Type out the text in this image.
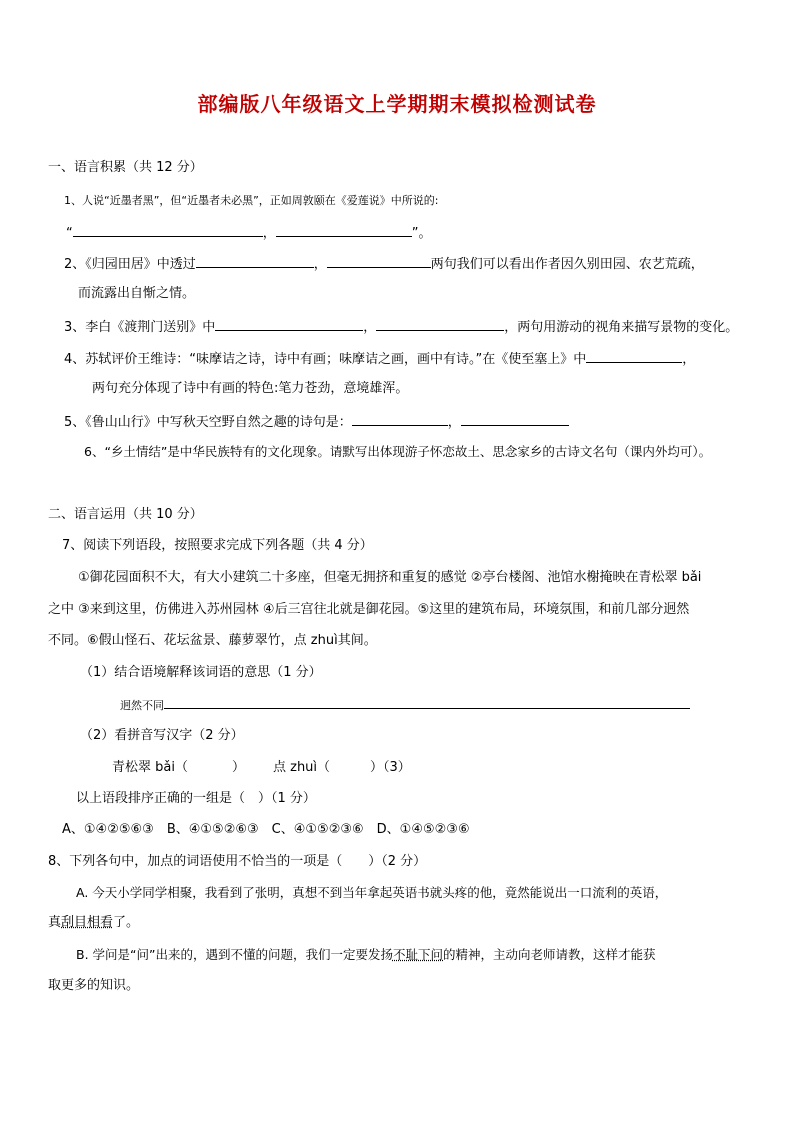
部编版八年级语文上学期期末模拟检测试卷
一、语言积累（共 12 分）
1、人说“近墨者黑”，但“近墨者未必黑”，正如周敦颐在《爱莲说》中所说的:
“	，	”。
2、《归园田居》中透过	，	两句我们可以看出作者因久别田园、农艺荒疏，
而流露出自惭之情。
3、李白《渡荆门送别》中	，	，两句用游动的视角来描写景物的变化。
4、苏轼评价王维诗：“味摩诘之诗，诗中有画；味摩诘之画，画中有诗。”在《使至塞上》中	，
两句充分体现了诗中有画的特色:笔力苍劲，意境雄浑。
5、《鲁山山行》中写秋天空野自然之趣的诗句是：	，
6、“乡土情结”是中华民族特有的文化现象。请默写出体现游子怀恋故土、思念家乡的古诗文名句（课内外均可）。
二、语言运用（共 10 分）
7、阅读下列语段，按照要求完成下列各题（共 4 分）
①御花园面积不大，有大小建筑二十多座，但毫无拥挤和重复的感觉 ②亭台楼阁、池馆水榭掩映在青松翠 bǎi
之中 ③来到这里，仿佛进入苏州园林 ④后三宫往北就是御花园。⑤这里的建筑布局，环境氛围，和前几部分迥然
不同。⑥假山怪石、花坛盆景、藤萝翠竹，点 zhuì其间。
（1）结合语境解释该词语的意思（1 分）
迥然不同
（2）看拼音写汉字（2 分）
青松翠 bǎi（	） 点 zhuì（	）（3）
以上语段排序正确的一组是（　）（1 分）
A、①④②⑤⑥③　B、④①⑤②⑥③　C、④①⑤②③⑥　D、①④⑤②③⑥
8、下列各句中，加点的词语使用不恰当的一项是（　　）（2 分）
A. 今天小学同学相聚，我看到了张明，真想不到当年拿起英语书就头疼的他，竟然能说出一口流利的英语，
真刮目相看了。
B. 学问是“问”出来的，遇到不懂的问题，我们一定要发扬不耻下问的精神，主动向老师请教，这样才能获
取更多的知识。
